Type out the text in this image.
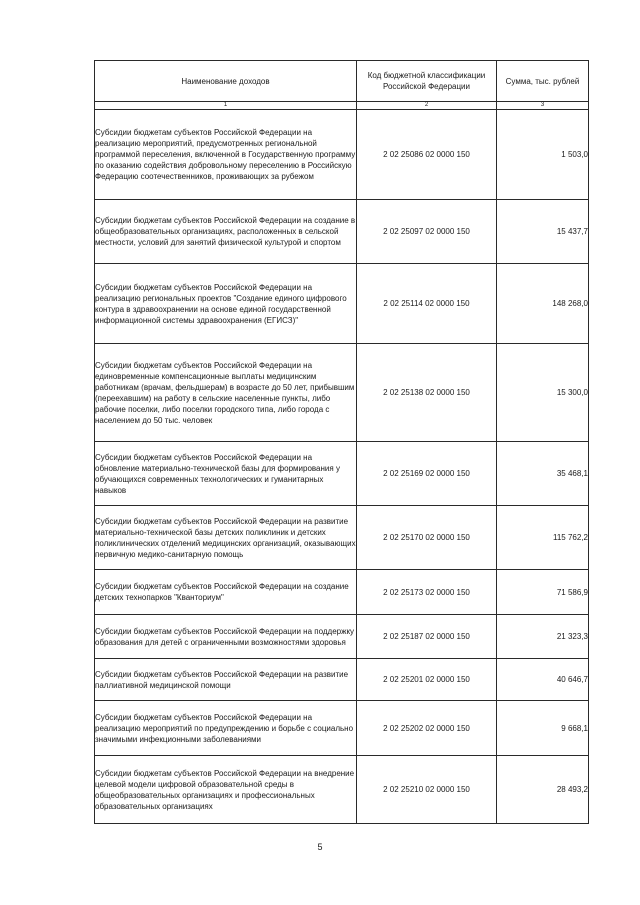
Наименование доходов	Код бюджетной классификации Российской Федерации	Сумма, тыс. рублей
1	2	3
Субсидии бюджетам субъектов Российской Федерации на реализацию мероприятий, предусмотренных региональной программой переселения, включенной в Государственную программу по оказанию содействия добровольному переселению в Российскую Федерацию соотечественников, проживающих за рубежом	2 02 25086 02 0000 150	1 503,0
Субсидии бюджетам субъектов Российской Федерации на создание в общеобразовательных организациях, расположенных в сельской местности, условий для занятий физической культурой и спортом	2 02 25097 02 0000 150	15 437,7
Субсидии бюджетам субъектов Российской Федерации на реализацию региональных проектов "Создание единого цифрового контура в здравоохранении на основе единой государственной информационной системы здравоохранения (ЕГИСЗ)"	2 02 25114 02 0000 150	148 268,0
Субсидии бюджетам субъектов Российской Федерации на единовременные компенсационные выплаты медицинским работникам (врачам, фельдшерам) в возрасте до 50 лет, прибывшим (переехавшим) на работу в сельские населенные пункты, либо рабочие поселки, либо поселки городского типа, либо города с населением до 50 тыс. человек	2 02 25138 02 0000 150	15 300,0
Субсидии бюджетам субъектов Российской Федерации на обновление материально-технической базы для формирования у обучающихся современных технологических и гуманитарных навыков	2 02 25169 02 0000 150	35 468,1
Субсидии бюджетам субъектов Российской Федерации на развитие материально-технической базы детских поликлиник и детских поликлинических отделений медицинских организаций, оказывающих первичную медико-санитарную помощь	2 02 25170 02 0000 150	115 762,2
Субсидии бюджетам субъектов Российской Федерации на создание детских технопарков "Кванториум"	2 02 25173 02 0000 150	71 586,9
Субсидии бюджетам субъектов Российской Федерации на поддержку образования для детей с ограниченными возможностями здоровья	2 02 25187 02 0000 150	21 323,3
Субсидии бюджетам субъектов Российской Федерации на развитие паллиативной медицинской помощи	2 02 25201 02 0000 150	40 646,7
Субсидии бюджетам субъектов Российской Федерации на реализацию мероприятий по предупреждению и борьбе с социально значимыми инфекционными заболеваниями	2 02 25202 02 0000 150	9 668,1
Субсидии бюджетам субъектов Российской Федерации на внедрение целевой модели цифровой образовательной среды в общеобразовательных организациях и профессиональных образовательных организациях	2 02 25210 02 0000 150	28 493,2
5
